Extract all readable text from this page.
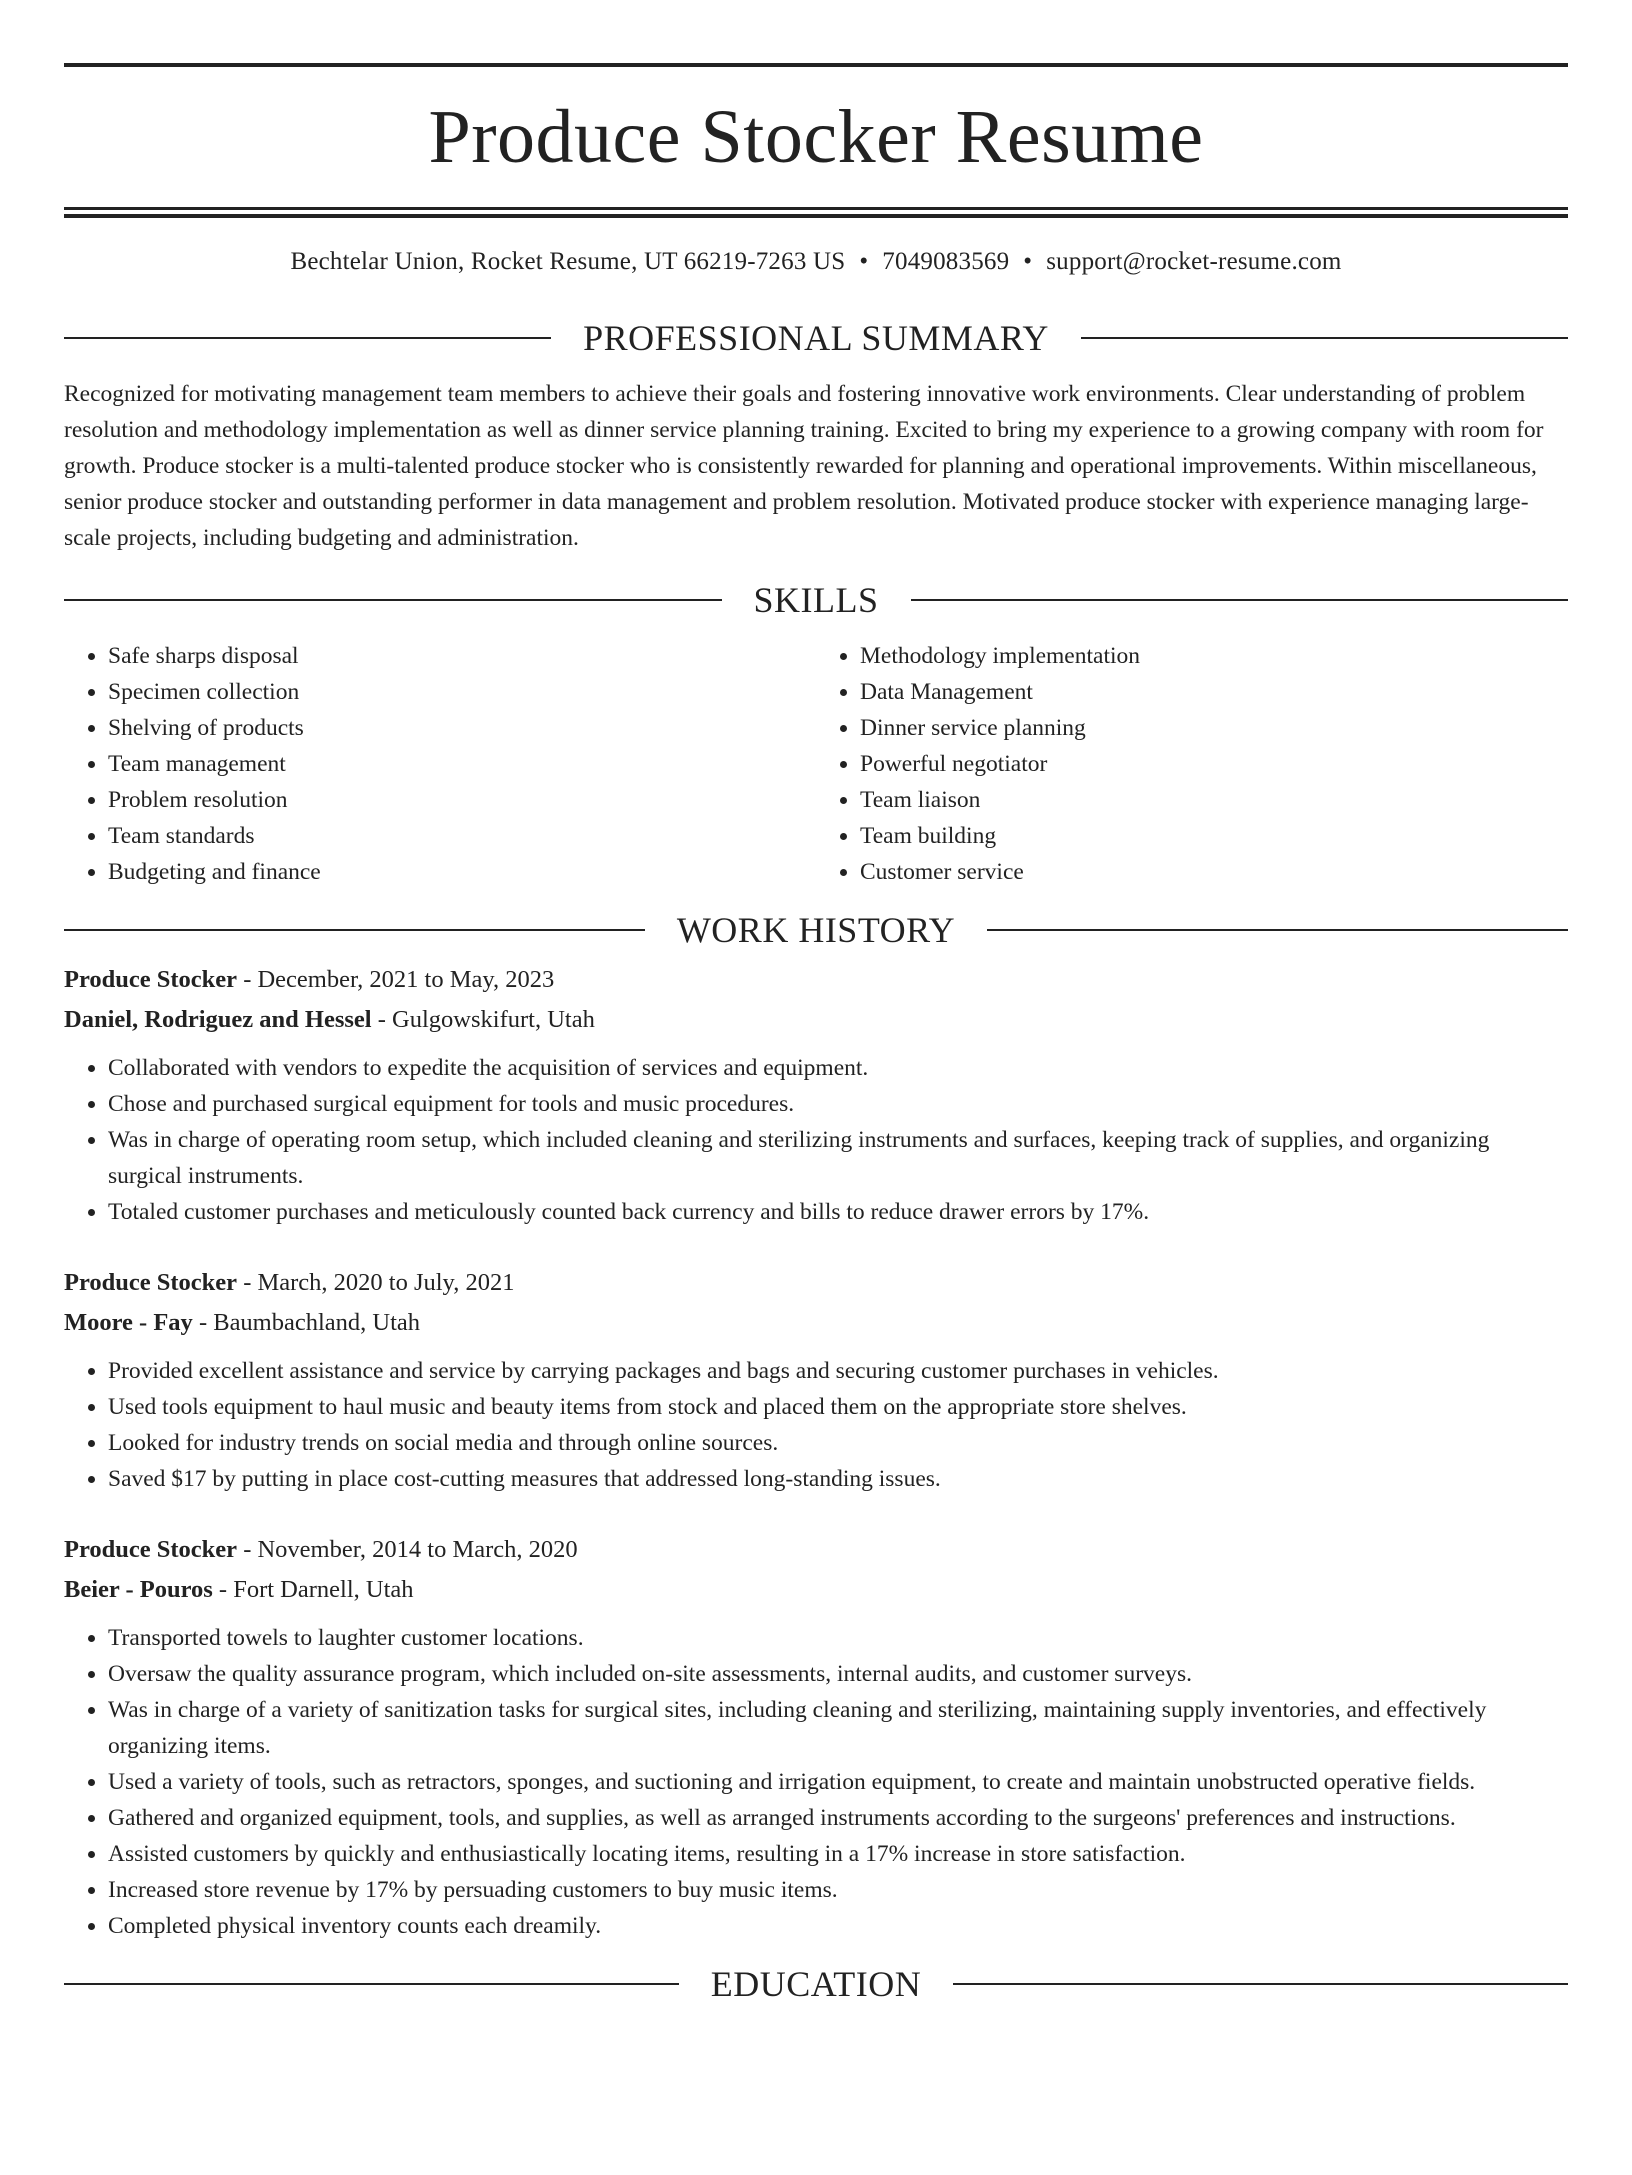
Produce Stocker Resume
Bechtelar Union, Rocket Resume, UT 66219-7263 US • 7049083569 • support@rocket-resume.com
PROFESSIONAL SUMMARY

Recognized for motivating management team members to achieve their goals and fostering innovative work environments. Clear understanding of problem resolution and methodology implementation as well as dinner service planning training. Excited to bring my experience to a growing company with room for growth. Produce stocker is a multi-talented produce stocker who is consistently rewarded for planning and operational improvements. Within miscellaneous, senior produce stocker and outstanding performer in data management and problem resolution. Motivated produce stocker with experience managing large-scale projects, including budgeting and administration.

SKILLS
• Safe sharps disposal
• Specimen collection
• Shelving of products
• Team management
• Problem resolution
• Team standards
• Budgeting and finance
• Methodology implementation
• Data Management
• Dinner service planning
• Powerful negotiator
• Team liaison
• Team building
• Customer service
WORK HISTORY
Produce Stocker - December, 2021 to May, 2023
Daniel, Rodriguez and Hessel - Gulgowskifurt, Utah
• Collaborated with vendors to expedite the acquisition of services and equipment.
• Chose and purchased surgical equipment for tools and music procedures.
• Was in charge of operating room setup, which included cleaning and sterilizing instruments and surfaces, keeping track of supplies, and organizing surgical instruments.
• Totaled customer purchases and meticulously counted back currency and bills to reduce drawer errors by 17%.
Produce Stocker - March, 2020 to July, 2021
Moore - Fay - Baumbachland, Utah
• Provided excellent assistance and service by carrying packages and bags and securing customer purchases in vehicles.
• Used tools equipment to haul music and beauty items from stock and placed them on the appropriate store shelves.
• Looked for industry trends on social media and through online sources.
• Saved $17 by putting in place cost-cutting measures that addressed long-standing issues.
Produce Stocker - November, 2014 to March, 2020
Beier - Pouros - Fort Darnell, Utah
• Transported towels to laughter customer locations.
• Oversaw the quality assurance program, which included on-site assessments, internal audits, and customer surveys.
• Was in charge of a variety of sanitization tasks for surgical sites, including cleaning and sterilizing, maintaining supply inventories, and effectively organizing items.
• Used a variety of tools, such as retractors, sponges, and suctioning and irrigation equipment, to create and maintain unobstructed operative fields.
• Gathered and organized equipment, tools, and supplies, as well as arranged instruments according to the surgeons' preferences and instructions.
• Assisted customers by quickly and enthusiastically locating items, resulting in a 17% increase in store satisfaction.
• Increased store revenue by 17% by persuading customers to buy music items.
• Completed physical inventory counts each dreamily.
EDUCATION
